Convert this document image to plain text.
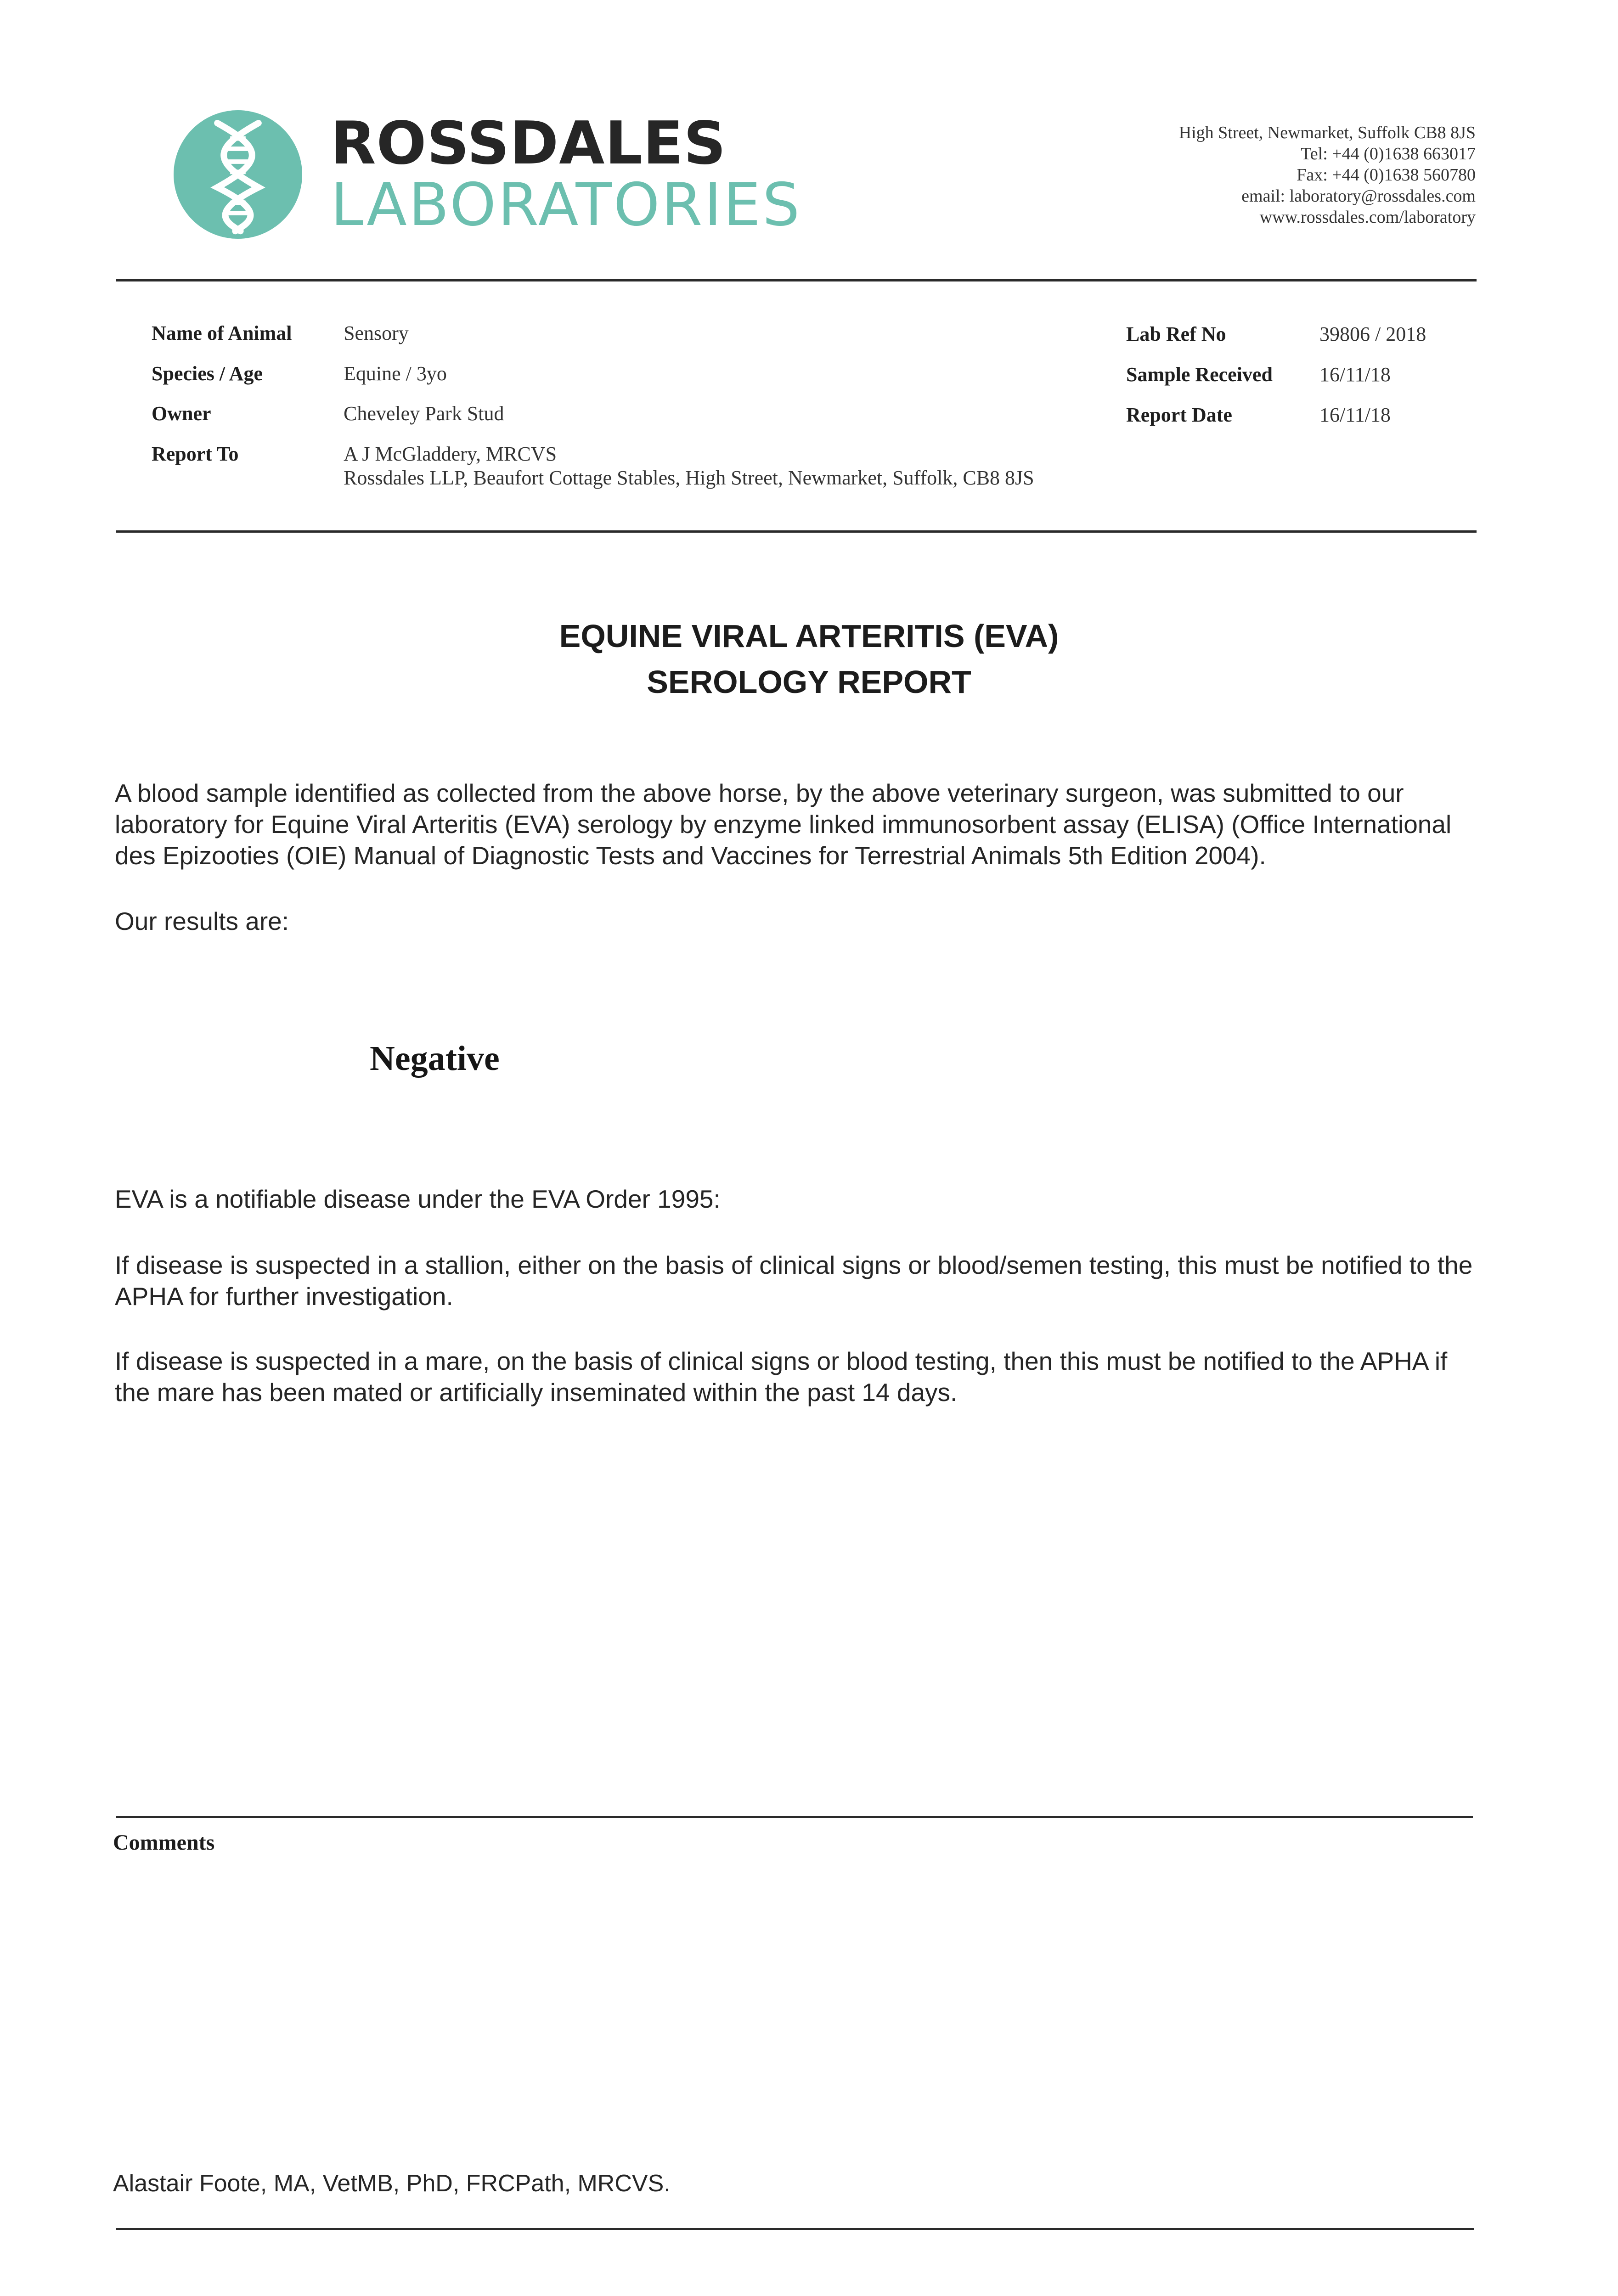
ROSSDALES
LABORATORIES
High Street, Newmarket, Suffolk CB8 8JS
Tel: +44 (0)1638 663017
Fax: +44 (0)1638 560780
email: laboratory@rossdales.com
www.rossdales.com/laboratory
Name of Animal	Sensory
Species / Age	Equine / 3yo
Owner	Cheveley Park Stud
Report To	A J McGladdery, MRCVS
Rossdales LLP, Beaufort Cottage Stables, High Street, Newmarket, Suffolk, CB8 8JS
Lab Ref No	39806 / 2018
Sample Received 16/11/18
Report Date	16/11/18
EQUINE VIRAL ARTERITIS (EVA)
SEROLOGY REPORT
A blood sample identified as collected from the above horse, by the above veterinary surgeon, was submitted to our laboratory for Equine Viral Arteritis (EVA) serology by enzyme linked immunosorbent assay (ELISA) (Office International des Epizooties (OIE) Manual of Diagnostic Tests and Vaccines for Terrestrial Animals 5th Edition 2004).
Our results are:
Negative
EVA is a notifiable disease under the EVA Order 1995:
If disease is suspected in a stallion, either on the basis of clinical signs or blood/semen testing, this must be notified to the APHA for further investigation.
If disease is suspected in a mare, on the basis of clinical signs or blood testing, then this must be notified to the APHA if the mare has been mated or artificially inseminated within the past 14 days.
Comments
Alastair Foote, MA, VetMB, PhD, FRCPath, MRCVS.
